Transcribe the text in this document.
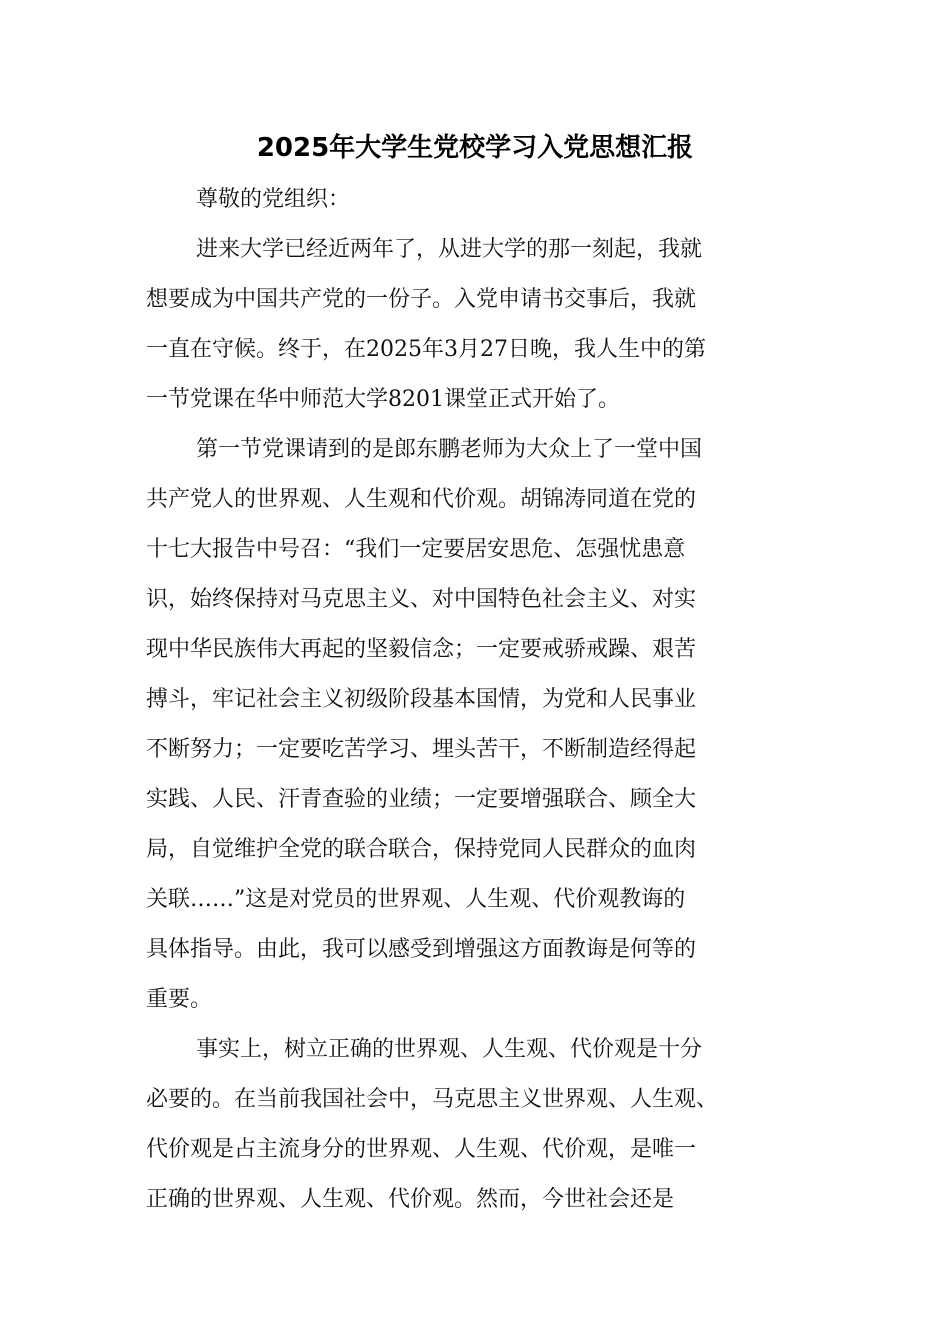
2025年大学生党校学习入党思想汇报
尊敬的党组织：
进来大学已经近两年了，从进大学的那一刻起，我就
想要成为中国共产党的一份子。入党申请书交事后，我就
一直在守候。终于，在2025年3月27日晚，我人生中的第
一节党课在华中师范大学8201课堂正式开始了。
第一节党课请到的是郎东鹏老师为大众上了一堂中国
共产党人的世界观、人生观和代价观。胡锦涛同道在党的
十七大报告中号召：“我们一定要居安思危、怎强忧患意
识，始终保持对马克思主义、对中国特色社会主义、对实
现中华民族伟大再起的坚毅信念；一定要戒骄戒躁、艰苦
搏斗，牢记社会主义初级阶段基本国情，为党和人民事业
不断努力；一定要吃苦学习、埋头苦干，不断制造经得起
实践、人民、汗青查验的业绩；一定要增强联合、顾全大
局，自觉维护全党的联合联合，保持党同人民群众的血肉
关联……”这是对党员的世界观、人生观、代价观教诲的
具体指导。由此，我可以感受到增强这方面教诲是何等的
重要。
事实上，树立正确的世界观、人生观、代价观是十分
必要的。在当前我国社会中，马克思主义世界观、人生观、
代价观是占主流身分的世界观、人生观、代价观，是唯一
正确的世界观、人生观、代价观。然而，今世社会还是
